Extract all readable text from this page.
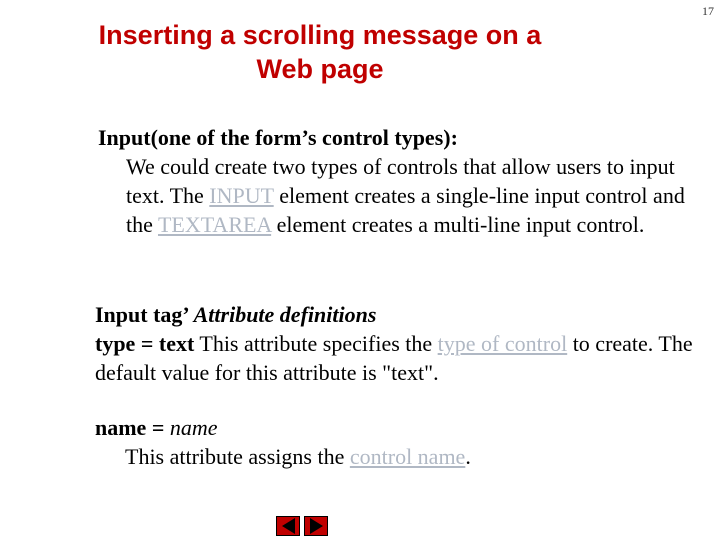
17
Inserting a scrolling message on a
Web page
Input(one of the form’s control types):
We could create two types of controls that allow users to input text. The INPUT element creates a single-line input control and the TEXTAREA element creates a multi-line input control.
Input tag’ Attribute definitions
type = text This attribute specifies the type of control to create. The default value for this attribute is "text".
name = name
This attribute assigns the control name.
